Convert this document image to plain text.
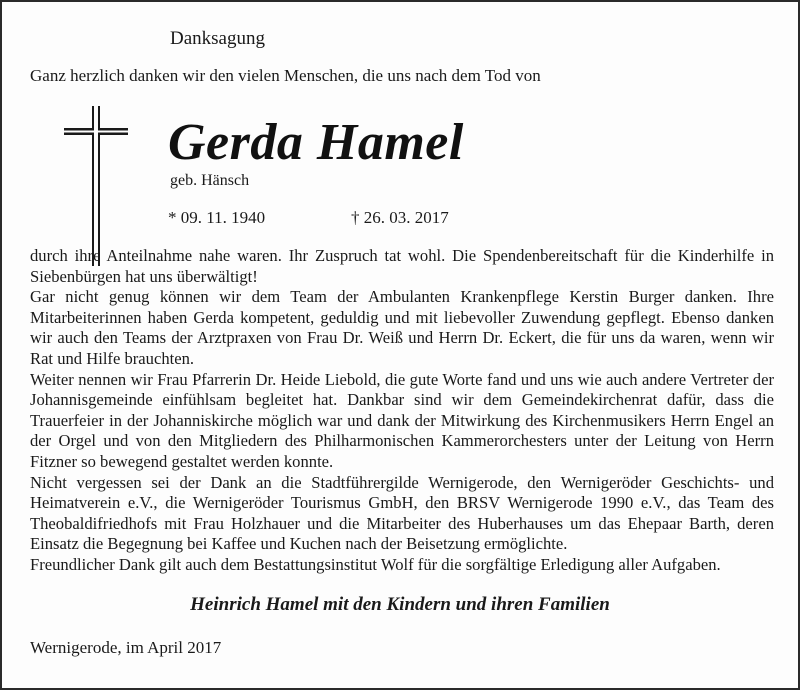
Danksagung
Ganz herzlich danken wir den vielen Menschen, die uns nach dem Tod von
Gerda Hamel
geb. Hänsch
* 09. 11. 1940	† 26. 03. 2017

durch ihre Anteilnahme nahe waren. Ihr Zuspruch tat wohl. Die Spendenbereitschaft für die Kinderhilfe in Siebenbürgen hat uns überwältigt!

Gar nicht genug können wir dem Team der Ambulanten Krankenpflege Kerstin Burger danken. Ihre Mitarbeiterinnen haben Gerda kompetent, geduldig und mit liebevoller Zuwendung gepflegt. Ebenso danken wir auch den Teams der Arztpraxen von Frau Dr. Weiß und Herrn Dr. Eckert, die für uns da waren, wenn wir Rat und Hilfe brauchten.

Weiter nennen wir Frau Pfarrerin Dr. Heide Liebold, die gute Worte fand und uns wie auch andere Vertreter der Johannisgemeinde einfühlsam begleitet hat. Dankbar sind wir dem Gemeindekirchenrat dafür, dass die Trauerfeier in der Johanniskirche möglich war und dank der Mitwirkung des Kirchenmusikers Herrn Engel an der Orgel und von den Mitgliedern des Philharmonischen Kammerorchesters unter der Leitung von Herrn Fitzner so bewegend gestaltet werden konnte.

Nicht vergessen sei der Dank an die Stadtführergilde Wernigerode, den Wernigeröder Geschichts- und Heimatverein e.V., die Wernigeröder Tourismus GmbH, den BRSV Wernigerode 1990 e.V., das Team des Theobaldifriedhofs mit Frau Holzhauer und die Mitarbeiter des Huberhauses um das Ehepaar Barth, deren Einsatz die Begegnung bei Kaffee und Kuchen nach der Beisetzung ermöglichte.

Freundlicher Dank gilt auch dem Bestattungsinstitut Wolf für die sorgfältige Erledigung aller Aufgaben.

Heinrich Hamel mit den Kindern und ihren Familien
Wernigerode, im April 2017
